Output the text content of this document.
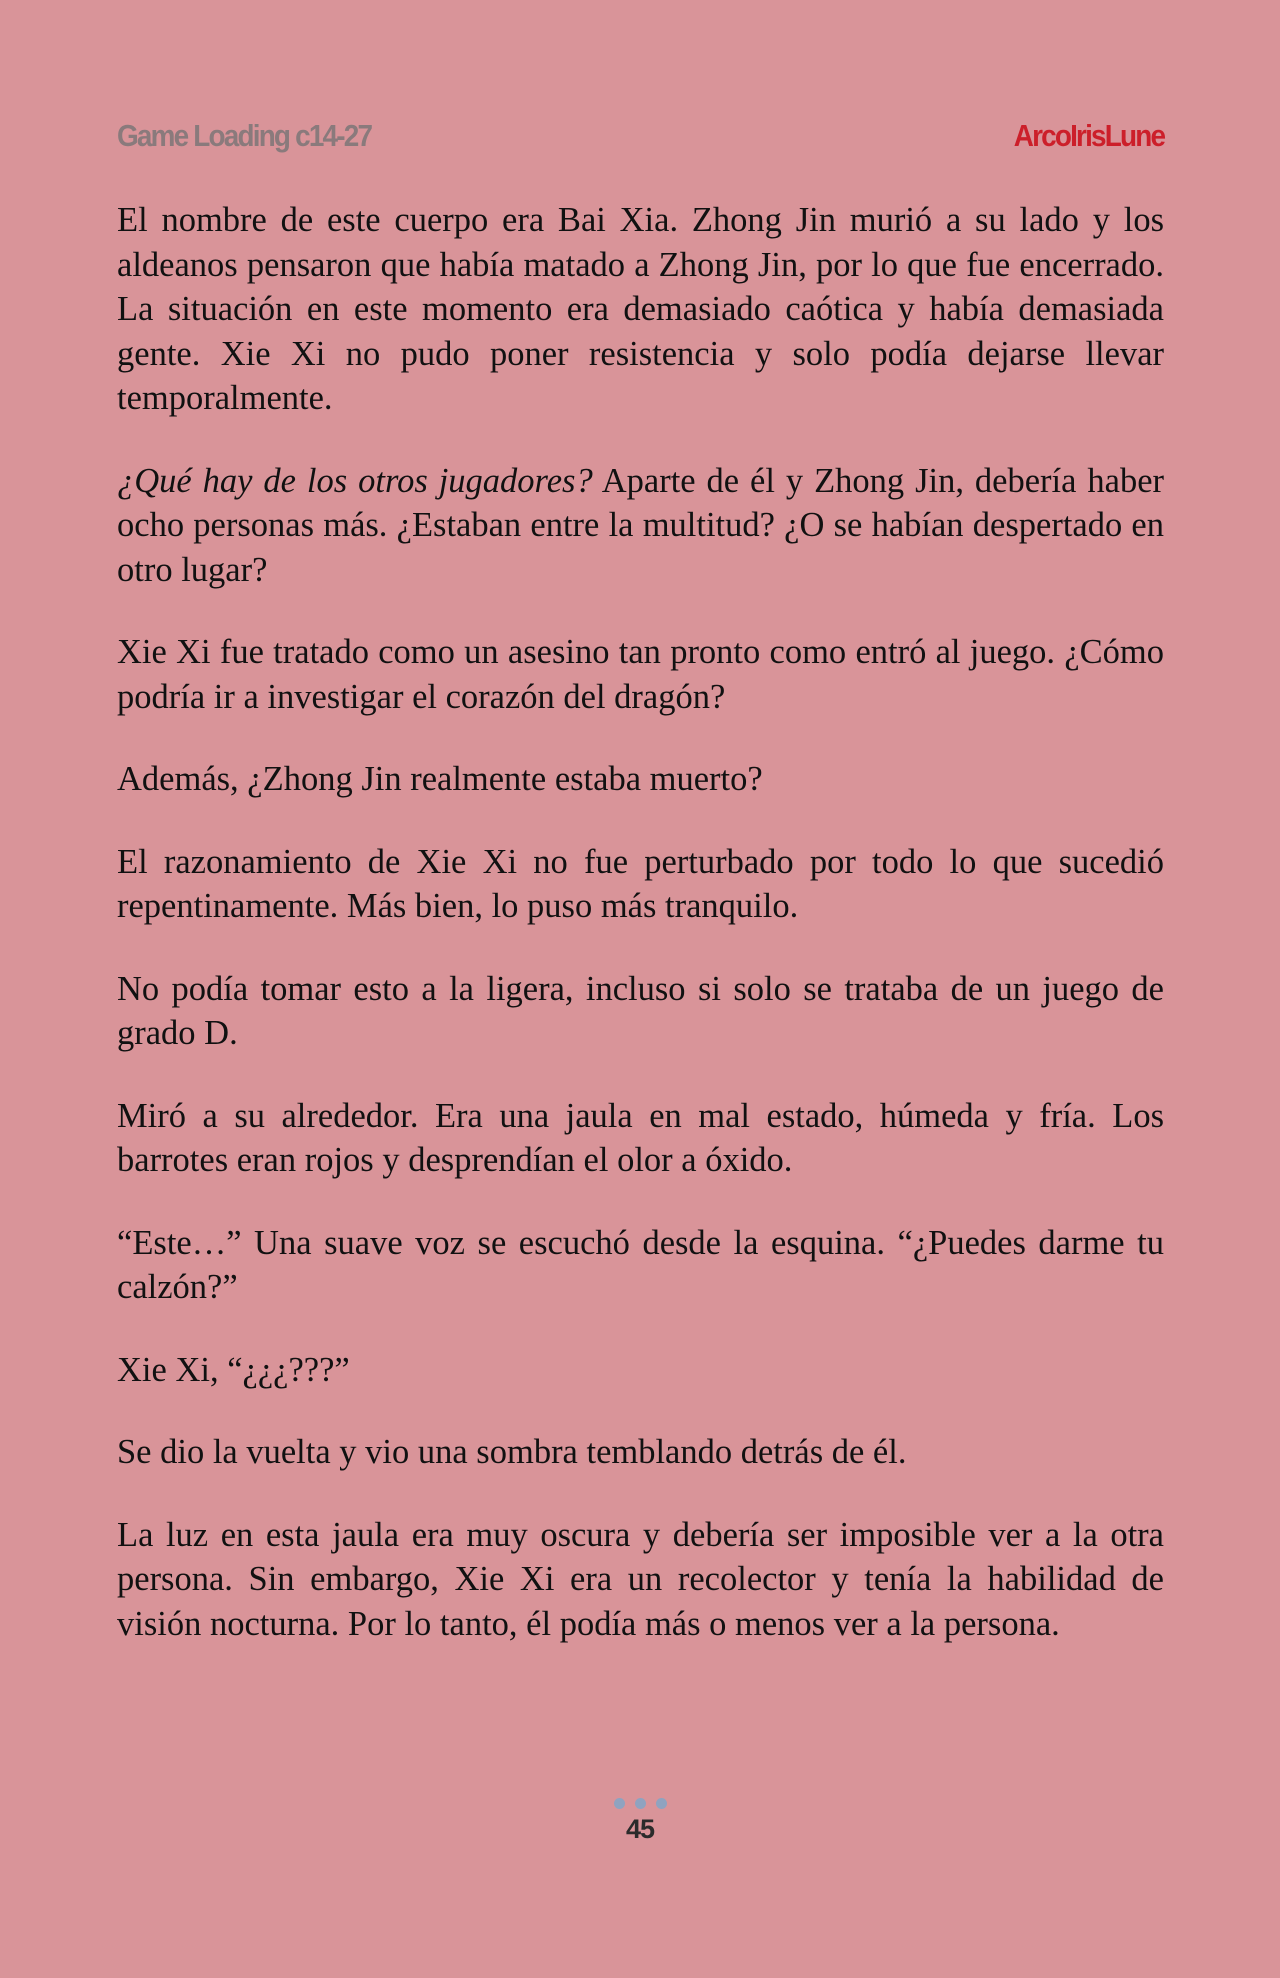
Game Loading c14-27	ArcoIrisLune

El nombre de este cuerpo era Bai Xia. Zhong Jin murió a su lado y los aldeanos pensaron que había matado a Zhong Jin, por lo que fue encerrado. La situación en este momento era demasiado caótica y había demasiada gente. Xie Xi no pudo poner resistencia y solo podía dejarse llevar temporalmente.

¿Qué hay de los otros jugadores? Aparte de él y Zhong Jin, debería haber ocho personas más. ¿Estaban entre la multitud? ¿O se habían despertado en otro lugar?

Xie Xi fue tratado como un asesino tan pronto como entró al juego. ¿Cómo podría ir a investigar el corazón del dragón?

Además, ¿Zhong Jin realmente estaba muerto?

El razonamiento de Xie Xi no fue perturbado por todo lo que sucedió repentinamente. Más bien, lo puso más tranquilo.

No podía tomar esto a la ligera, incluso si solo se trataba de un juego de grado D.

Miró a su alrededor. Era una jaula en mal estado, húmeda y fría. Los barrotes eran rojos y desprendían el olor a óxido.

“Este…” Una suave voz se escuchó desde la esquina. “¿Puedes darme tu calzón?”

Xie Xi, “¿¿¿???”

Se dio la vuelta y vio una sombra temblando detrás de él.

La luz en esta jaula era muy oscura y debería ser imposible ver a la otra persona. Sin embargo, Xie Xi era un recolector y tenía la habilidad de visión nocturna. Por lo tanto, él podía más o menos ver a la persona.

45
